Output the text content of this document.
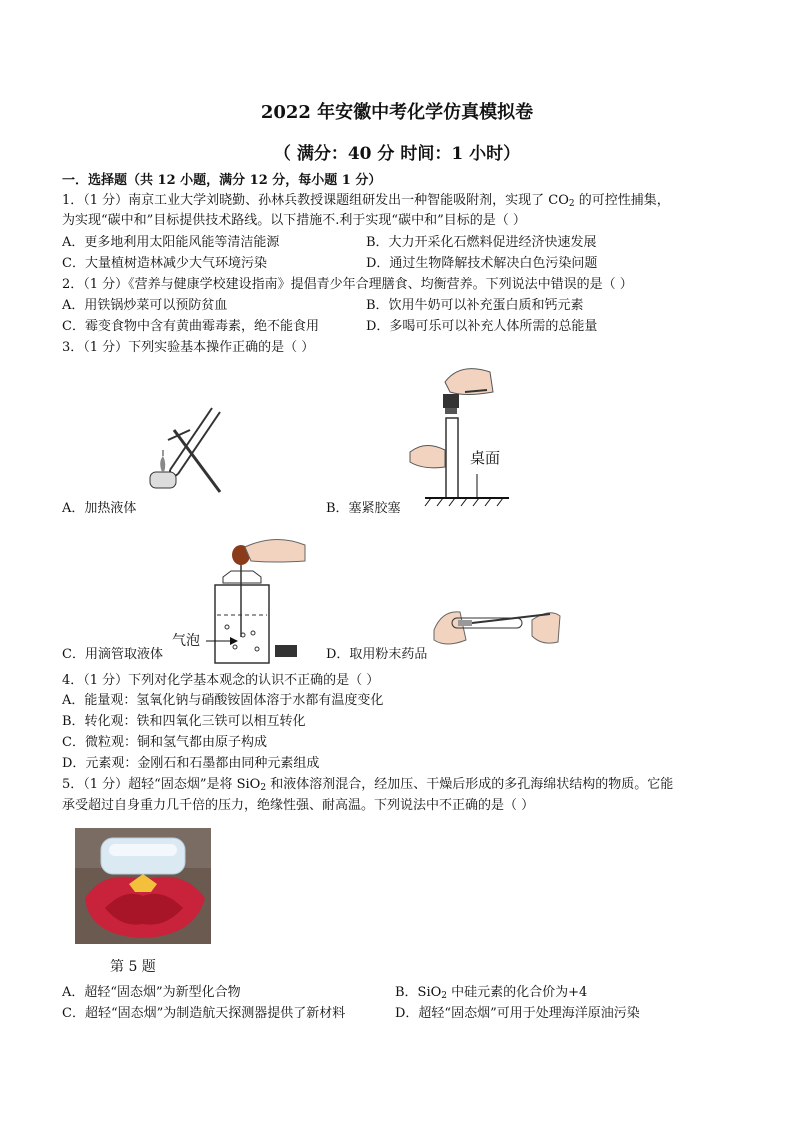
2022 年安徽中考化学仿真模拟卷
（ 满分：40 分 时间：1 小时）
一．选择题（共 12 小题，满分 12 分，每小题 1 分）
1．（1 分）南京工业大学刘晓勤、孙林兵教授课题组研发出一种智能吸附剂，实现了 $CO_2$ 的可控性捕集，
为实现“碳中和”目标提供技术路线。以下措施不.利于实现“碳中和”目标的是（ ）
A．更多地利用太阳能风能等清洁能源	B．大力开采化石燃料促进经济快速发展
C．大量植树造林减少大气环境污染	D．通过生物降解技术解决白色污染问题
2．（1 分）《营养与健康学校建设指南》提倡青少年合理膳食、均衡营养。下列说法中错误的是（ ）
A．用铁锅炒菜可以预防贫血	B．饮用牛奶可以补充蛋白质和钙元素
C．霉变食物中含有黄曲霉毒素，绝不能食用	D．多喝可乐可以补充人体所需的总能量
3．（1 分）下列实验基本操作正确的是（ ）
A．加热液体
桌面
B．塞紧胶塞
气泡
C．用滴管取液体	D．取用粉末药品
4．（1 分）下列对化学基本观念的认识不正确的是（ ）
A．能量观：氢氧化钠与硝酸铵固体溶于水都有温度变化
B．转化观：铁和四氧化三铁可以相互转化
C．微粒观：铜和氢气都由原子构成
D．元素观：金刚石和石墨都由同种元素组成
5．（1 分）超轻“固态烟”是将 SiO$_2$ 和液体溶剂混合，经加压、干燥后形成的多孔海绵状结构的物质。它能
承受超过自身重力几千倍的压力，绝缘性强、耐高温。下列说法中不正确的是（ ）
第 5 题
A．超轻“固态烟”为新型化合物	B．SiO$_2$ 中硅元素的化合价为+4
C．超轻“固态烟”为制造航天探测器提供了新材料	D．超轻“固态烟”可用于处理海洋原油污染
